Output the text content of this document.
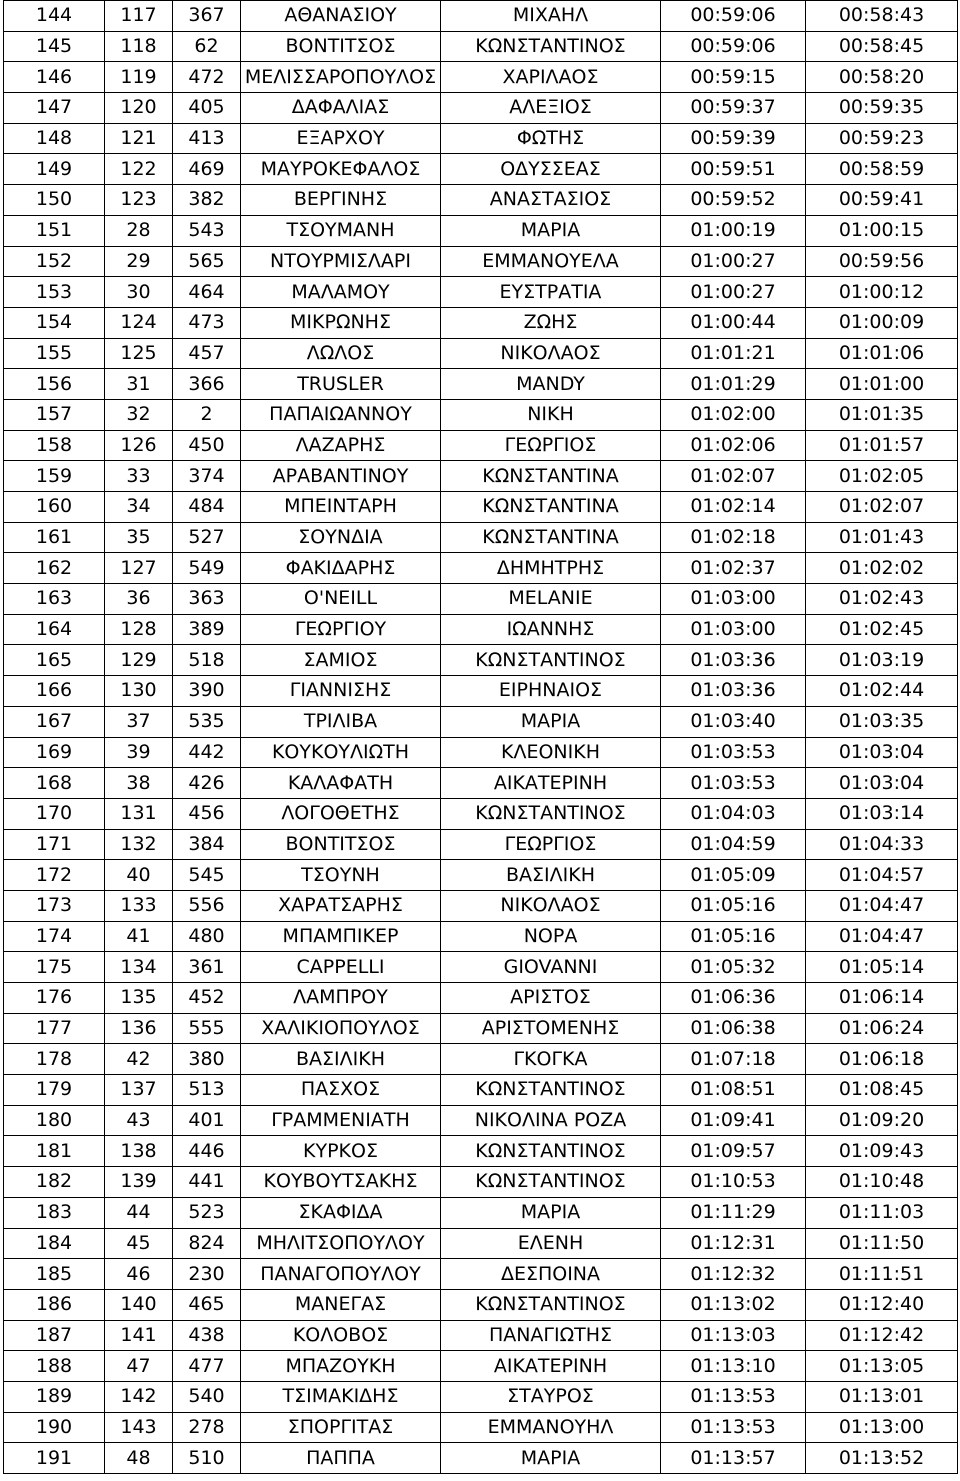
144	117	367	ΑΘΑΝΑΣΙΟΥ	ΜΙΧΑΗΛ	00:59:06	00:58:43
145	118	62	ΒΟΝΤΙΤΣΟΣ	ΚΩΝΣΤΑΝΤΙΝΟΣ	00:59:06	00:58:45
146	119	472	ΜΕΛΙΣΣΑΡΟΠΟΥΛΟΣ	ΧΑΡΙΛΑΟΣ	00:59:15	00:58:20
147	120	405	ΔΑΦΑΛΙΑΣ	ΑΛΕΞΙΟΣ	00:59:37	00:59:35
148	121	413	ΕΞΑΡΧΟΥ	ΦΩΤΗΣ	00:59:39	00:59:23
149	122	469	ΜΑΥΡΟΚΕΦΑΛΟΣ	ΟΔΥΣΣΕΑΣ	00:59:51	00:58:59
150	123	382	ΒΕΡΓΙΝΗΣ	ΑΝΑΣΤΑΣΙΟΣ	00:59:52	00:59:41
151	28	543	ΤΣΟΥΜΑΝΗ	ΜΑΡΙΑ	01:00:19	01:00:15
152	29	565	ΝΤΟΥΡΜΙΣΛΑΡΙ	ΕΜΜΑΝΟΥΕΛΑ	01:00:27	00:59:56
153	30	464	ΜΑΛΑΜΟΥ	ΕΥΣΤΡΑΤΙΑ	01:00:27	01:00:12
154	124	473	ΜΙΚΡΩΝΗΣ	ΖΩΗΣ	01:00:44	01:00:09
155	125	457	ΛΩΛΟΣ	ΝΙΚΟΛΑΟΣ	01:01:21	01:01:06
156	31	366	TRUSLER	MANDY	01:01:29	01:01:00
157	32	2	ΠΑΠΑΙΩΑΝΝΟΥ	ΝΙΚΗ	01:02:00	01:01:35
158	126	450	ΛΑΖΑΡΗΣ	ΓΕΩΡΓΙΟΣ	01:02:06	01:01:57
159	33	374	ΑΡΑΒΑΝΤΙΝΟΥ	ΚΩΝΣΤΑΝΤΙΝΑ	01:02:07	01:02:05
160	34	484	ΜΠΕΙΝΤΑΡΗ	ΚΩΝΣΤΑΝΤΙΝΑ	01:02:14	01:02:07
161	35	527	ΣΟΥΝΔΙΑ	ΚΩΝΣΤΑΝΤΙΝΑ	01:02:18	01:01:43
162	127	549	ΦΑΚΙΔΑΡΗΣ	ΔΗΜΗΤΡΗΣ	01:02:37	01:02:02
163	36	363	O'NEILL	MELANIE	01:03:00	01:02:43
164	128	389	ΓΕΩΡΓΙΟΥ	ΙΩΑΝΝΗΣ	01:03:00	01:02:45
165	129	518	ΣΑΜΙΟΣ	ΚΩΝΣΤΑΝΤΙΝΟΣ	01:03:36	01:03:19
166	130	390	ΓΙΑΝΝΙΣΗΣ	ΕΙΡΗΝΑΙΟΣ	01:03:36	01:02:44
167	37	535	ΤΡΙΛΙΒΑ	ΜΑΡΙΑ	01:03:40	01:03:35
169	39	442	ΚΟΥΚΟΥΛΙΩΤΗ	ΚΛΕΟΝΙΚΗ	01:03:53	01:03:04
168	38	426	ΚΑΛΑΦΑΤΗ	ΑΙΚΑΤΕΡΙΝΗ	01:03:53	01:03:04
170	131	456	ΛΟΓΟΘΕΤΗΣ	ΚΩΝΣΤΑΝΤΙΝΟΣ	01:04:03	01:03:14
171	132	384	ΒΟΝΤΙΤΣΟΣ	ΓΕΩΡΓΙΟΣ	01:04:59	01:04:33
172	40	545	ΤΣΟΥΝΗ	ΒΑΣΙΛΙΚΗ	01:05:09	01:04:57
173	133	556	ΧΑΡΑΤΣΑΡΗΣ	ΝΙΚΟΛΑΟΣ	01:05:16	01:04:47
174	41	480	ΜΠΑΜΠΙΚΕΡ	ΝΟΡΑ	01:05:16	01:04:47
175	134	361	CAPPELLI	GIOVANNI	01:05:32	01:05:14
176	135	452	ΛΑΜΠΡΟΥ	ΑΡΙΣΤΟΣ	01:06:36	01:06:14
177	136	555	ΧΑΛΙΚΙΟΠΟΥΛΟΣ	ΑΡΙΣΤΟΜΕΝΗΣ	01:06:38	01:06:24
178	42	380	ΒΑΣΙΛΙΚΗ	ΓΚΟΓΚΑ	01:07:18	01:06:18
179	137	513	ΠΑΣΧΟΣ	ΚΩΝΣΤΑΝΤΙΝΟΣ	01:08:51	01:08:45
180	43	401	ΓΡΑΜΜΕΝΙΑΤΗ	ΝΙΚΟΛΙΝΑ ΡΟΖΑ	01:09:41	01:09:20
181	138	446	ΚΥΡΚΟΣ	ΚΩΝΣΤΑΝΤΙΝΟΣ	01:09:57	01:09:43
182	139	441	ΚΟΥΒΟΥΤΣΑΚΗΣ	ΚΩΝΣΤΑΝΤΙΝΟΣ	01:10:53	01:10:48
183	44	523	ΣΚΑΦΙΔΑ	ΜΑΡΙΑ	01:11:29	01:11:03
184	45	824	ΜΗΛΙΤΣΟΠΟΥΛΟΥ	ΕΛΕΝΗ	01:12:31	01:11:50
185	46	230	ΠΑΝΑΓΟΠΟΥΛΟΥ	ΔΕΣΠΟΙΝΑ	01:12:32	01:11:51
186	140	465	ΜΑΝΕΓΑΣ	ΚΩΝΣΤΑΝΤΙΝΟΣ	01:13:02	01:12:40
187	141	438	ΚΟΛΟΒΟΣ	ΠΑΝΑΓΙΩΤΗΣ	01:13:03	01:12:42
188	47	477	ΜΠΑΖΟΥΚΗ	ΑΙΚΑΤΕΡΙΝΗ	01:13:10	01:13:05
189	142	540	ΤΣΙΜΑΚΙΔΗΣ	ΣΤΑΥΡΟΣ	01:13:53	01:13:01
190	143	278	ΣΠΟΡΓΙΤΑΣ	ΕΜΜΑΝΟΥΗΛ	01:13:53	01:13:00
191	48	510	ΠΑΠΠΑ	ΜΑΡΙΑ	01:13:57	01:13:52
